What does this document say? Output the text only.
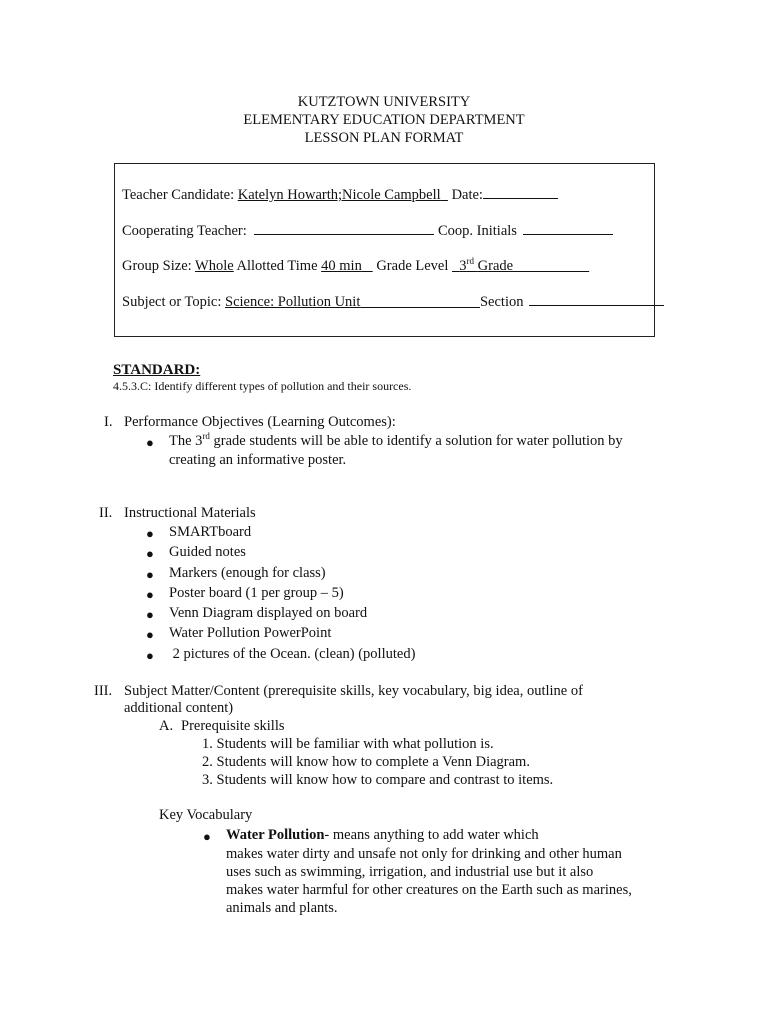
KUTZTOWN UNIVERSITY
ELEMENTARY EDUCATION DEPARTMENT
LESSON PLAN FORMAT
Teacher Candidate: Katelyn Howarth;Nicole Campbell Date:
Cooperating Teacher:	Coop. Initials
Group Size: Whole Allotted Time 40 min Grade Level 3rd Grade
Subject or Topic: Science: Pollution Unit	Section
STANDARD:
4.5.3.C: Identify different types of pollution and their sources.
I. Performance Objectives (Learning Outcomes):
● The 3rd grade students will be able to identify a solution for water pollution by
creating an informative poster.
II. Instructional Materials
● SMARTboard
● Guided notes
● Markers (enough for class)
● Poster board (1 per group – 5)
● Venn Diagram displayed on board
● Water Pollution PowerPoint
● 2 pictures of the Ocean. (clean) (polluted)
III. Subject Matter/Content (prerequisite skills, key vocabulary, big idea, outline of
additional content)
A. Prerequisite skills
1. Students will be familiar with what pollution is.
2. Students will know how to complete a Venn Diagram.
3. Students will know how to compare and contrast to items.
Key Vocabulary
● Water Pollution- means anything to add water which
makes water dirty and unsafe not only for drinking and other human
uses such as swimming, irrigation, and industrial use but it also
makes water harmful for other creatures on the Earth such as marines,
animals and plants.
